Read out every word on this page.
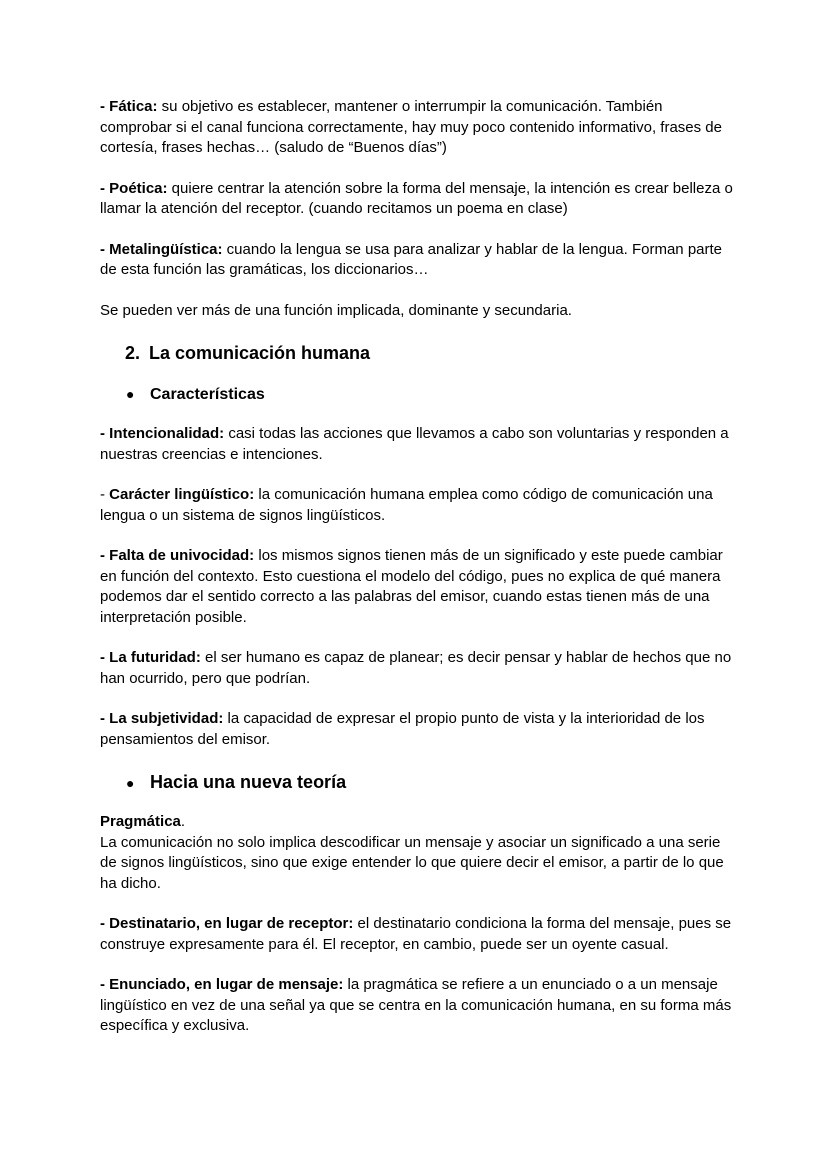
- Fática: su objetivo es establecer, mantener o interrumpir la comunicación. También comprobar si el canal funciona correctamente, hay muy poco contenido informativo, frases de cortesía, frases hechas… (saludo de “Buenos días”)

- Poética: quiere centrar la atención sobre la forma del mensaje, la intención es crear belleza o llamar la atención del receptor. (cuando recitamos un poema en clase)

- Metalingüística: cuando la lengua se usa para analizar y hablar de la lengua. Forman parte de esta función las gramáticas, los diccionarios…

Se pueden ver más de una función implicada, dominante y secundaria.

2. La comunicación humana
● Características

- Intencionalidad: casi todas las acciones que llevamos a cabo son voluntarias y responden a nuestras creencias e intenciones.

- Carácter lingüístico: la comunicación humana emplea como código de comunicación una lengua o un sistema de signos lingüísticos.

- Falta de univocidad: los mismos signos tienen más de un significado y este puede cambiar en función del contexto. Esto cuestiona el modelo del código, pues no explica de qué manera podemos dar el sentido correcto a las palabras del emisor, cuando estas tienen más de una interpretación posible.

- La futuridad: el ser humano es capaz de planear; es decir pensar y hablar de hechos que no han ocurrido, pero que podrían.

- La subjetividad: la capacidad de expresar el propio punto de vista y la interioridad de los pensamientos del emisor.

● Hacia una nueva teoría

Pragmática.
La comunicación no solo implica descodificar un mensaje y asociar un significado a una serie de signos lingüísticos, sino que exige entender lo que quiere decir el emisor, a partir de lo que ha dicho.

- Destinatario, en lugar de receptor: el destinatario condiciona la forma del mensaje, pues se construye expresamente para él. El receptor, en cambio, puede ser un oyente casual.

- Enunciado, en lugar de mensaje: la pragmática se refiere a un enunciado o a un mensaje lingüístico en vez de una señal ya que se centra en la comunicación humana, en su forma más específica y exclusiva.
